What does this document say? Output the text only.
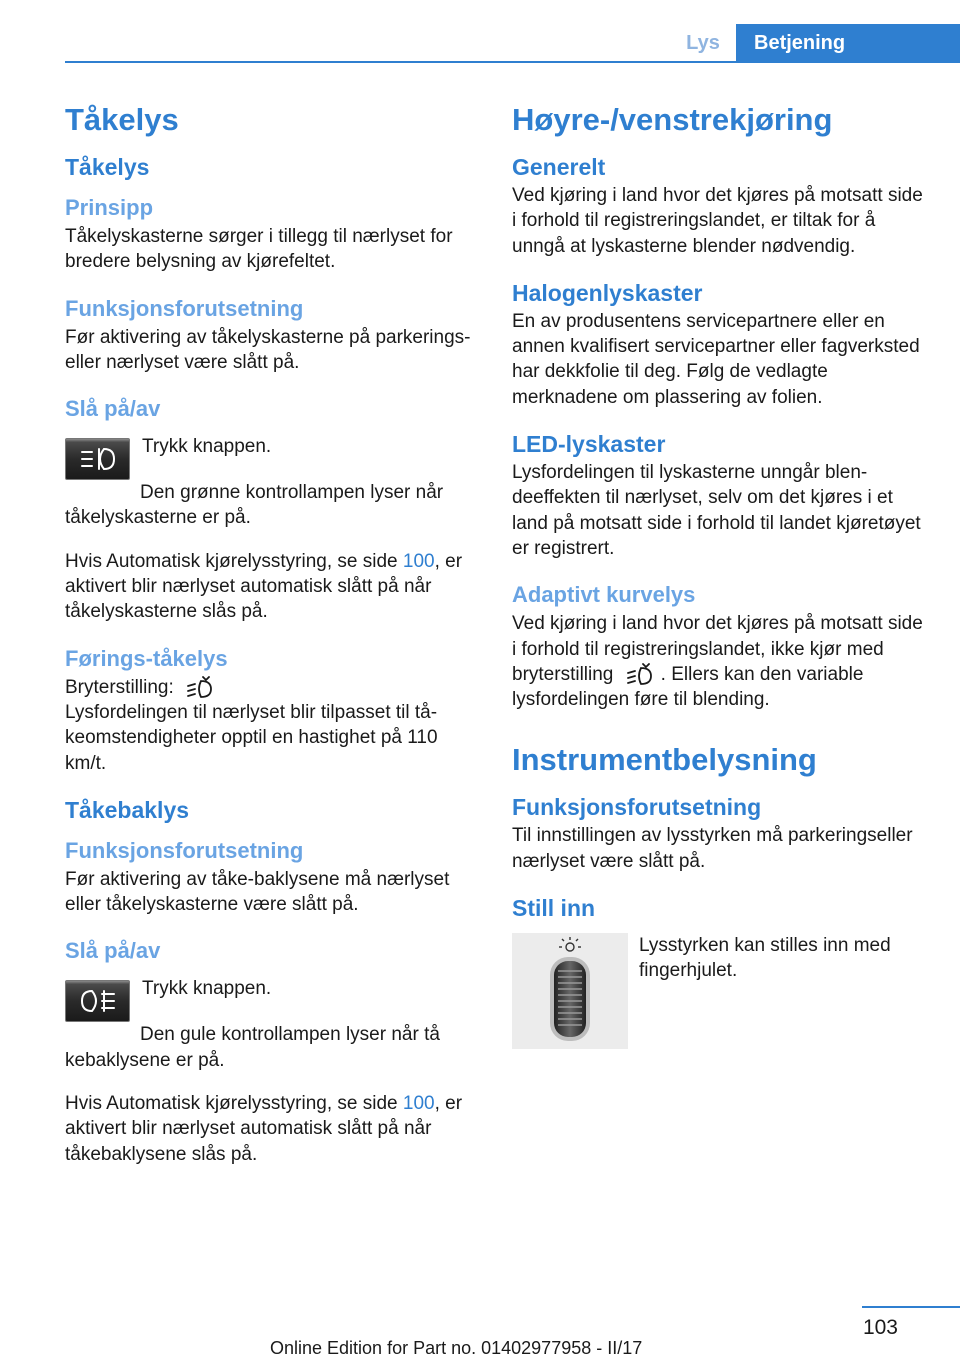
Lys	Betjening
Tåkelys
Tåkelys
Prinsipp

Tåkelyskasterne sørger i tillegg til nærlyset for bredere belysning av kjørefeltet.

Funksjonsforutsetning

Før aktivering av tåkelyskasterne på parkerings- eller nærlyset være slått på.

Slå på/av

Trykk knappen.

Den grønne kontrollampen lyser når

tåkelyskasterne er på.

Hvis Automatisk kjørelysstyring, se side 100, er aktivert blir nærlyset automatisk slått på når tåkelyskasterne slås på.

Førings-tåkelys

Bryterstilling:

Lysfordelingen til nærlyset blir tilpasset til tåkeomstendigheter opptil en hastighet på 110 km/t.

Tåkebaklys
Funksjonsforutsetning

Før aktivering av tåke-baklysene må nærlyset eller tåkelyskasterne være slått på.

Slå på/av

Trykk knappen.

Den gule kontrollampen lyser når tå

kebaklysene er på.

Hvis Automatisk kjørelysstyring, se side 100, er aktivert blir nærlyset automatisk slått på når tåkebaklysene slås på.

Høyre-/venstrekjøring
Generelt

Ved kjøring i land hvor det kjøres på motsatt side i forhold til registreringslandet, er tiltak for å unngå at lyskasterne blender nødvendig.

Halogenlyskaster

En av produsentens servicepartnere eller en annen kvalifisert servicepartner eller fagverksted har dekkfolie til deg. Følg de vedlagte merknadene om plassering av folien.

LED-lyskaster

Lysfordelingen til lyskasterne unngår blendeeffekten til nærlyset, selv om det kjøres i et land på motsatt side i forhold til landet kjøretøyet er registrert.

Adaptivt kurvelys

Ved kjøring i land hvor det kjøres på motsatt side i forhold til registreringslandet, ikke kjør med bryterstilling . Ellers kan den variable lysfordelingen føre til blending.

Instrumentbelysning
Funksjonsforutsetning

Til innstillingen av lysstyrken må parkeringseller nærlyset være slått på.

Still inn

Lysstyrken kan stilles inn med fingerhjulet.

103
Online Edition for Part no. 01402977958 - II/17
